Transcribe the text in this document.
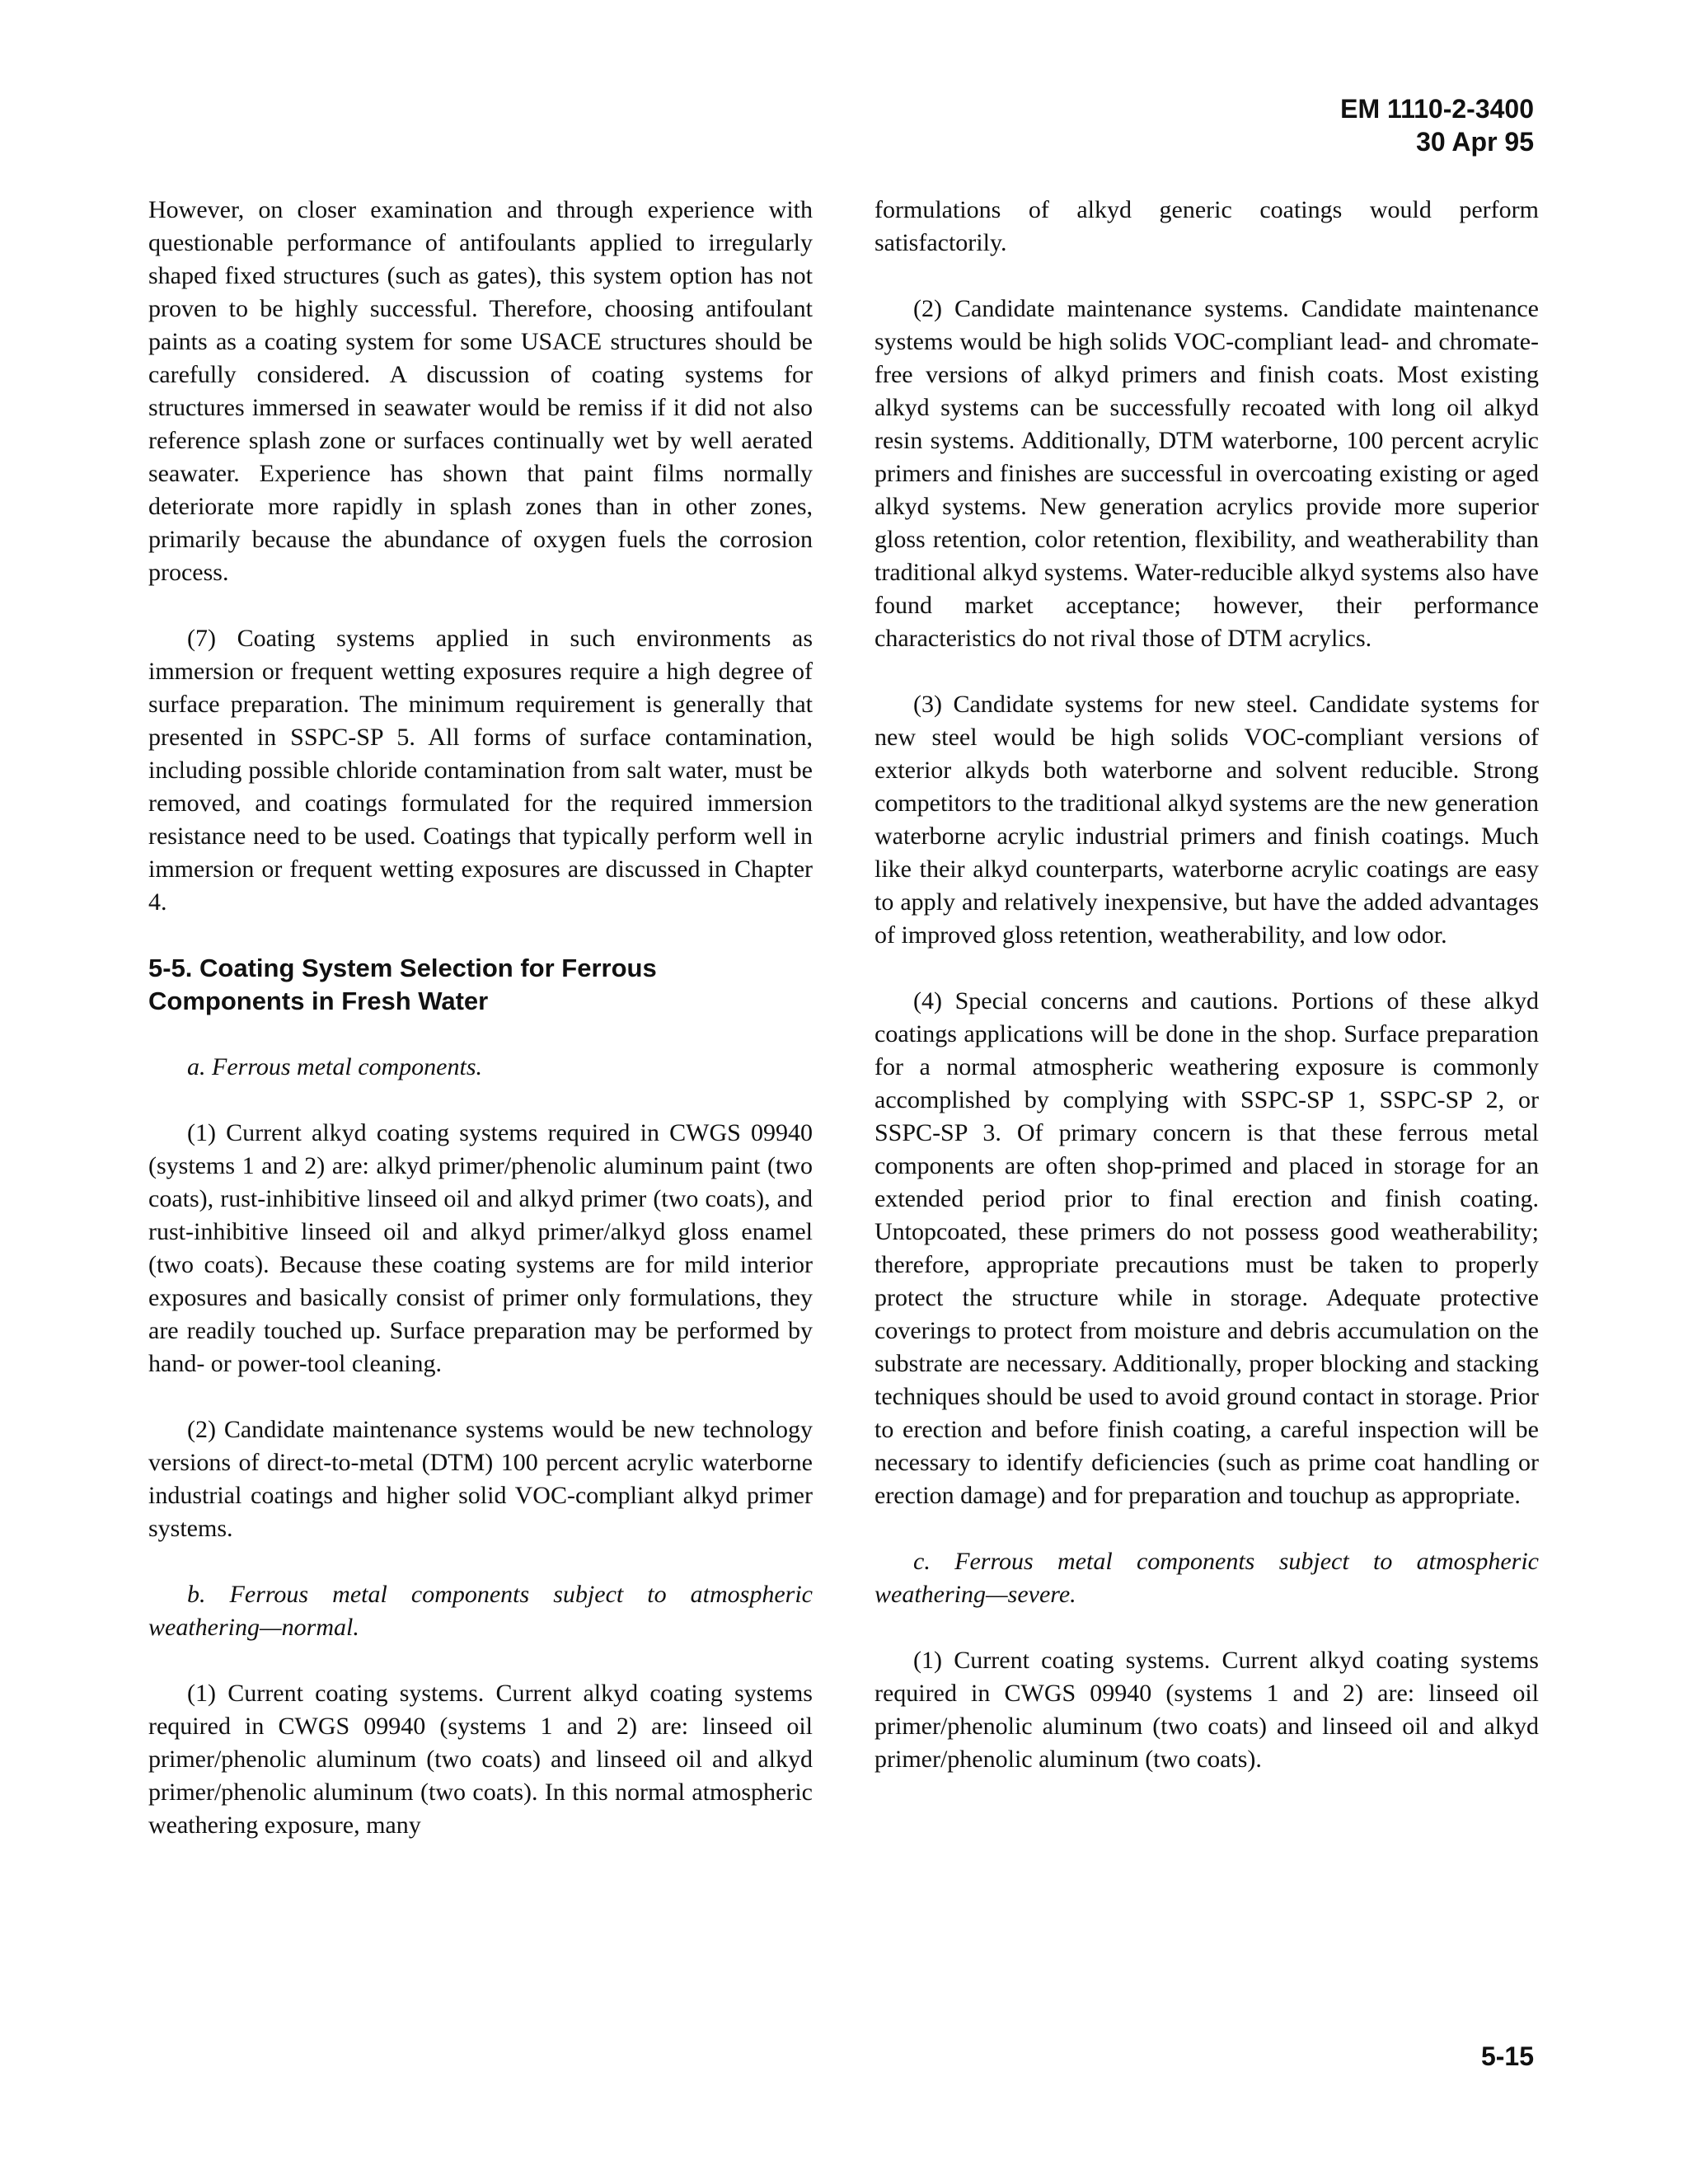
EM 1110-2-3400
30 Apr 95

However, on closer examination and through experience with questionable performance of antifoulants applied to irregularly shaped fixed structures (such as gates), this system option has not proven to be highly successful. Therefore, choosing antifoulant paints as a coating system for some USACE structures should be carefully considered. A discussion of coating systems for structures immersed in seawater would be remiss if it did not also reference splash zone or surfaces continually wet by well aerated seawater. Experience has shown that paint films normally deteriorate more rapidly in splash zones than in other zones, primarily because the abundance of oxygen fuels the corrosion process.

(7) Coating systems applied in such environments as immersion or frequent wetting exposures require a high degree of surface preparation. The minimum requirement is generally that presented in SSPC-SP 5. All forms of surface contamination, including possible chloride contamination from salt water, must be removed, and coatings formulated for the required immersion resistance need to be used. Coatings that typically perform well in immersion or frequent wetting exposures are discussed in Chapter 4.

5-5. Coating System Selection for Ferrous Components in Fresh Water

a. Ferrous metal components.

(1) Current alkyd coating systems required in CWGS 09940 (systems 1 and 2) are: alkyd primer/phenolic aluminum paint (two coats), rust-inhibitive linseed oil and alkyd primer (two coats), and rust-inhibitive linseed oil and alkyd primer/alkyd gloss enamel (two coats). Because these coating systems are for mild interior exposures and basically consist of primer only formulations, they are readily touched up. Surface preparation may be performed by hand- or power-tool cleaning.

(2) Candidate maintenance systems would be new technology versions of direct-to-metal (DTM) 100 percent acrylic waterborne industrial coatings and higher solid VOC-compliant alkyd primer systems.

b. Ferrous metal components subject to atmospheric weathering—normal.

(1) Current coating systems. Current alkyd coating systems required in CWGS 09940 (systems 1 and 2) are: linseed oil primer/phenolic aluminum (two coats) and linseed oil and alkyd primer/phenolic aluminum (two coats). In this normal atmospheric weathering exposure, many

formulations of alkyd generic coatings would perform satisfactorily.

(2) Candidate maintenance systems. Candidate maintenance systems would be high solids VOC-compliant lead- and chromate-free versions of alkyd primers and finish coats. Most existing alkyd systems can be successfully recoated with long oil alkyd resin systems. Additionally, DTM waterborne, 100 percent acrylic primers and finishes are successful in overcoating existing or aged alkyd systems. New generation acrylics provide more superior gloss retention, color retention, flexibility, and weatherability than traditional alkyd systems. Water-reducible alkyd systems also have found market acceptance; however, their performance characteristics do not rival those of DTM acrylics.

(3) Candidate systems for new steel. Candidate systems for new steel would be high solids VOC-compliant versions of exterior alkyds both waterborne and solvent reducible. Strong competitors to the traditional alkyd systems are the new generation waterborne acrylic industrial primers and finish coatings. Much like their alkyd counterparts, waterborne acrylic coatings are easy to apply and relatively inexpensive, but have the added advantages of improved gloss retention, weatherability, and low odor.

(4) Special concerns and cautions. Portions of these alkyd coatings applications will be done in the shop. Surface preparation for a normal atmospheric weathering exposure is commonly accomplished by complying with SSPC-SP 1, SSPC-SP 2, or SSPC-SP 3. Of primary concern is that these ferrous metal components are often shop-primed and placed in storage for an extended period prior to final erection and finish coating. Untopcoated, these primers do not possess good weatherability; therefore, appropriate precautions must be taken to properly protect the structure while in storage. Adequate protective coverings to protect from moisture and debris accumulation on the substrate are necessary. Additionally, proper blocking and stacking techniques should be used to avoid ground contact in storage. Prior to erection and before finish coating, a careful inspection will be necessary to identify deficiencies (such as prime coat handling or erection damage) and for preparation and touchup as appropriate.

c. Ferrous metal components subject to atmospheric weathering—severe.

(1) Current coating systems. Current alkyd coating systems required in CWGS 09940 (systems 1 and 2) are: linseed oil primer/phenolic aluminum (two coats) and linseed oil and alkyd primer/phenolic aluminum (two coats).

5-15
